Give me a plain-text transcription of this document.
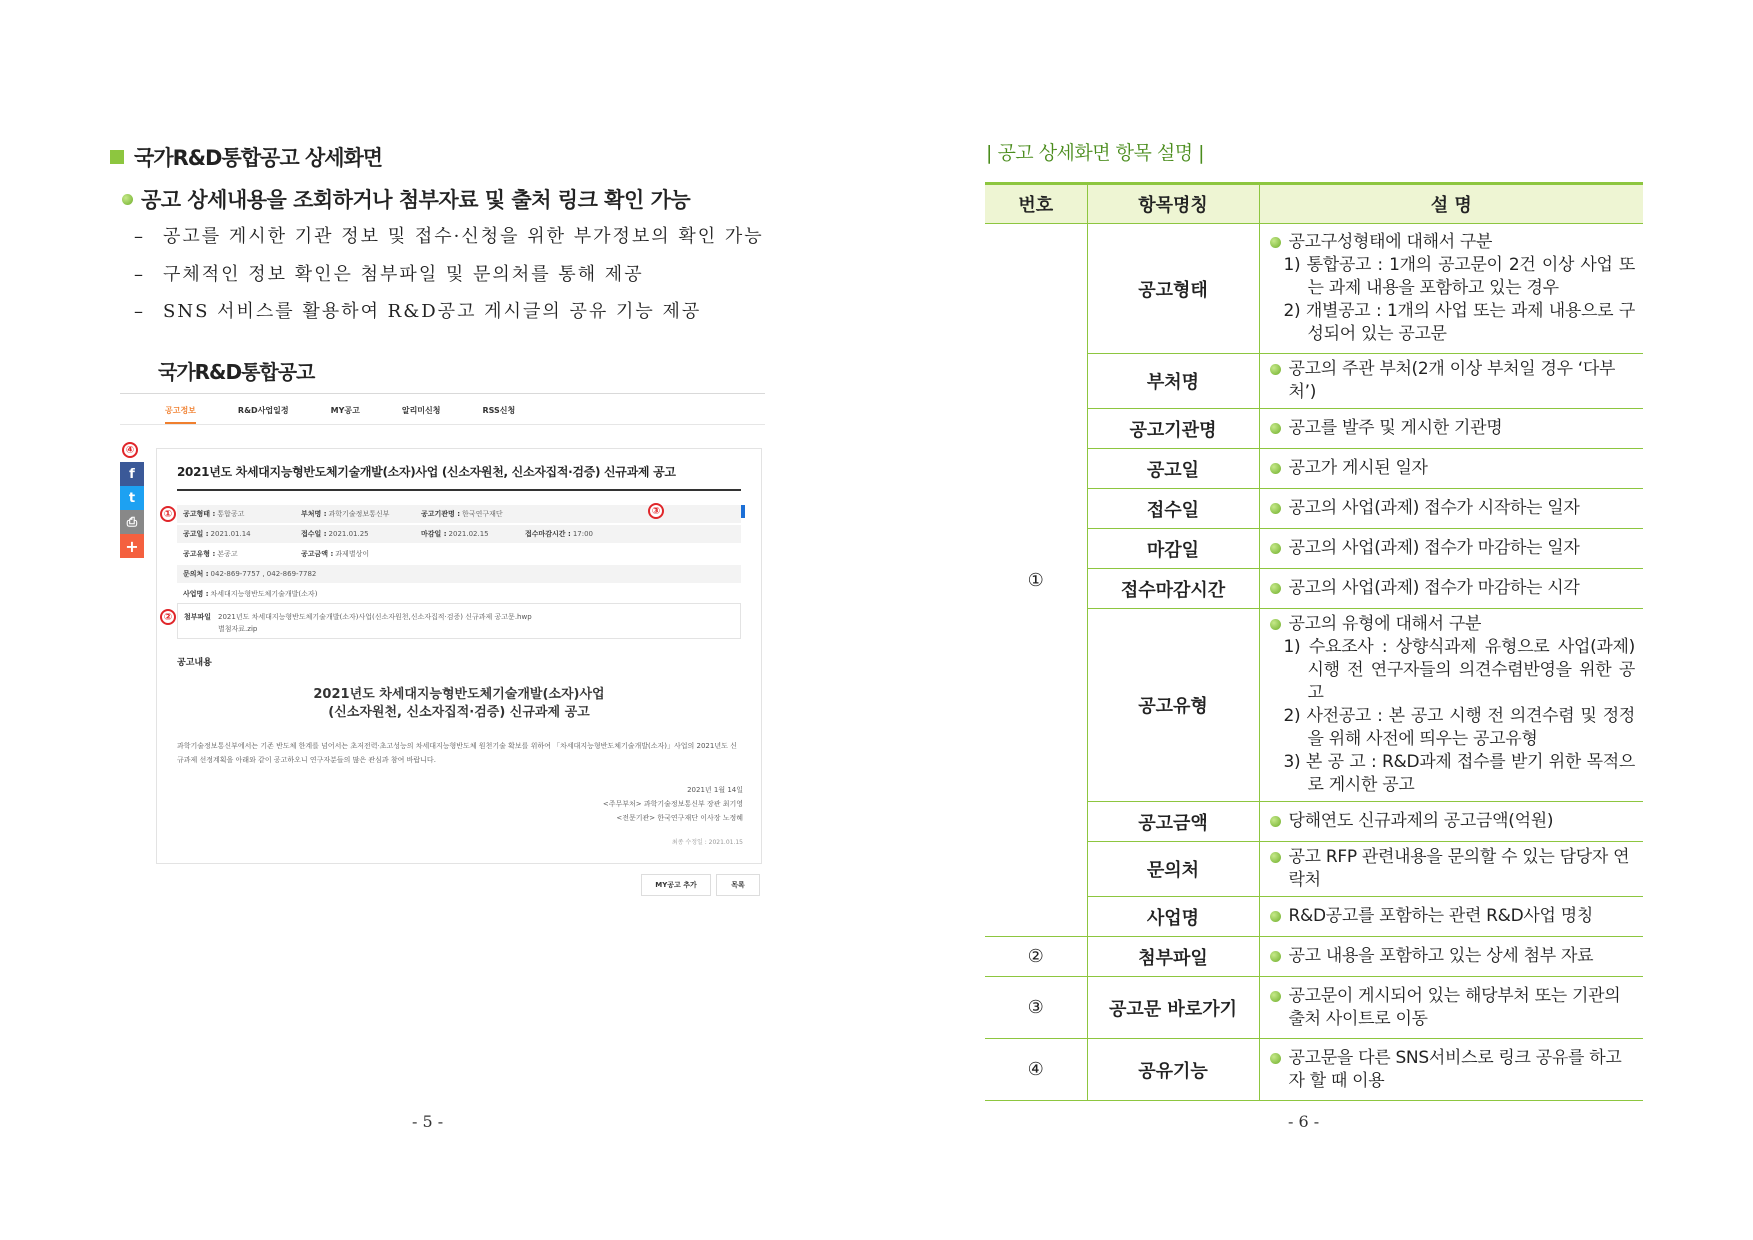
국가R&D통합공고 상세화면
공고 상세내용을 조회하거나 첨부자료 및 출처 링크 확인 가능
– 공고를 게시한 기관 정보 및 접수·신청을 위한 부가정보의 확인 가능
– 구체적인 정보 확인은 첨부파일 및 문의처를 통해 제공
– SNS 서비스를 활용하여 R&D공고 게시글의 공유 기능 제공
국가R&D통합공고
공고정보	R&D사업일정	MY공고	알리미신청	RSS신청
f
t
⎙
+
2021년도 차세대지능형반도체기술개발(소자)사업 (신소자원천, 신소자집적·검증) 신규과제 공고
공고형태 : 통합공고	부처명 : 과학기술정보통신부	공고기관명 : 한국연구재단
공고일 : 2021.01.14	접수일 : 2021.01.25	마감일 : 2021.02.15	접수마감시간 : 17:00
공고유형 : 본공고	공고금액 : 과제별상이
문의처 : 042-869-7757 , 042-869-7782
사업명 : 차세대지능형반도체기술개발(소자)
첨부파일 2021년도 차세대지능형반도체기술개발(소자)사업(신소자원천,신소자집적·검증) 신규과제 공고문.hwp
별첨자료.zip
공고내용
2021년도 차세대지능형반도체기술개발(소자)사업
(신소자원천, 신소자집적·검증) 신규과제 공고
과학기술정보통신부에서는 기존 반도체 한계를 넘어서는 초저전력·초고성능의 차세대지능형반도체 원천기술 확보를 위하여 「차세대지능형반도체기술개발(소자)」사업의 2021년도 신규과제 선정계획을 아래와 같이 공고하오니 연구자분들의 많은 관심과 참여 바랍니다.
2021년 1월 14일
<주무부처> 과학기술정보통신부 장관 최기영
<전문기관> 한국연구재단 이사장 노정혜
최종 수정일 : 2021.01.15
MY공고 추가	목록
④
①	③
②
- 5 -
| 공고 상세화면 항목 설명 |
번호	항목명칭	설 명
①	공고형태	공고구성형태에 대해서 구분
1) 통합공고 : 1개의 공고문이 2건 이상 사업 또는 과제 내용을 포함하고 있는 경우
2) 개별공고 : 1개의 사업 또는 과제 내용으로 구성되어 있는 공고문

	부처명	공고의 주관 부처(2개 이상 부처일 경우 ‘다부처’)

	공고기관명	공고를 발주 및 게시한 기관명

	공고일	공고가 게시된 일자

	접수일	공고의 사업(과제) 접수가 시작하는 일자

	마감일	공고의 사업(과제) 접수가 마감하는 일자

	접수마감시간	공고의 사업(과제) 접수가 마감하는 시각

	공고유형	공고의 유형에 대해서 구분
1) 수요조사 : 상향식과제 유형으로 사업(과제) 시행 전 연구자들의 의견수렴반영을 위한 공고
2) 사전공고 : 본 공고 시행 전 의견수렴 및 정정을 위해 사전에 띄우는 공고유형
3) 본 공 고 : R&D과제 접수를 받기 위한 목적으로 게시한 공고

	공고금액	당해연도 신규과제의 공고금액(억원)

	문의처	공고 RFP 관련내용을 문의할 수 있는 담당자 연락처

	사업명	R&D공고를 포함하는 관련 R&D사업 명칭

②	첨부파일	공고 내용을 포함하고 있는 상세 첨부 자료

③	공고문 바로가기	공고문이 게시되어 있는 해당부처 또는 기관의 출처 사이트로 이동

④	공유기능	공고문을 다른 SNS서비스로 링크 공유를 하고자 할 때 이용
- 6 -
